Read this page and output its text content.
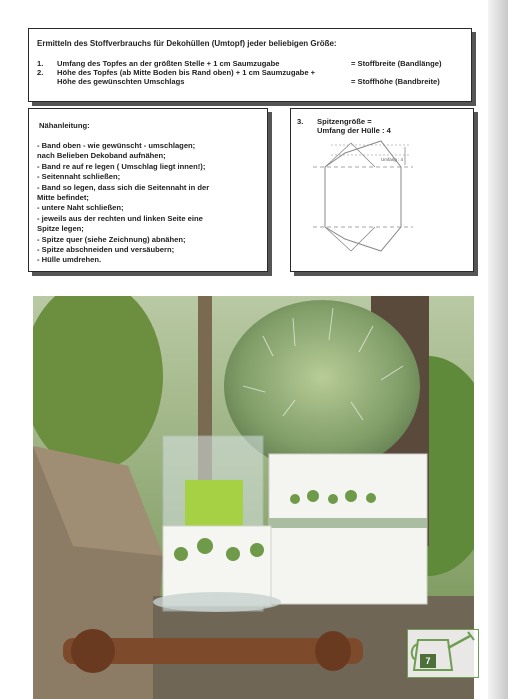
Ermitteln des Stoffverbrauchs für Dekohüllen (Umtopf) jeder beliebigen Größe:
1.	Umfang des Topfes an der größten Stelle + 1 cm Saumzugabe
2.	Höhe des Topfes (ab Mitte Boden bis Rand oben) + 1 cm Saumzugabe + Höhe des gewünschten Umschlags
= Stoffbreite (Bandlänge)
= Stoffhöhe (Bandbreite)
Nähanleitung:
- Band oben - wie gewünscht - umschlagen;
nach Belieben Dekoband aufnähen;
- Band re auf re legen ( Umschlag liegt innen!);
- Seitennaht schließen;
- Band so legen, dass sich die Seitennaht in der
Mitte befindet;
- untere Naht schließen;
- jeweils aus der rechten und linken Seite eine
Spitze legen;
- Spitze quer (siehe Zeichnung) abnähen;
- Spitze abschneiden und versäubern;
- Hülle umdrehen.
3. Spitzengröße =
Umfang der Hülle : 4
Umfang : 4
7
